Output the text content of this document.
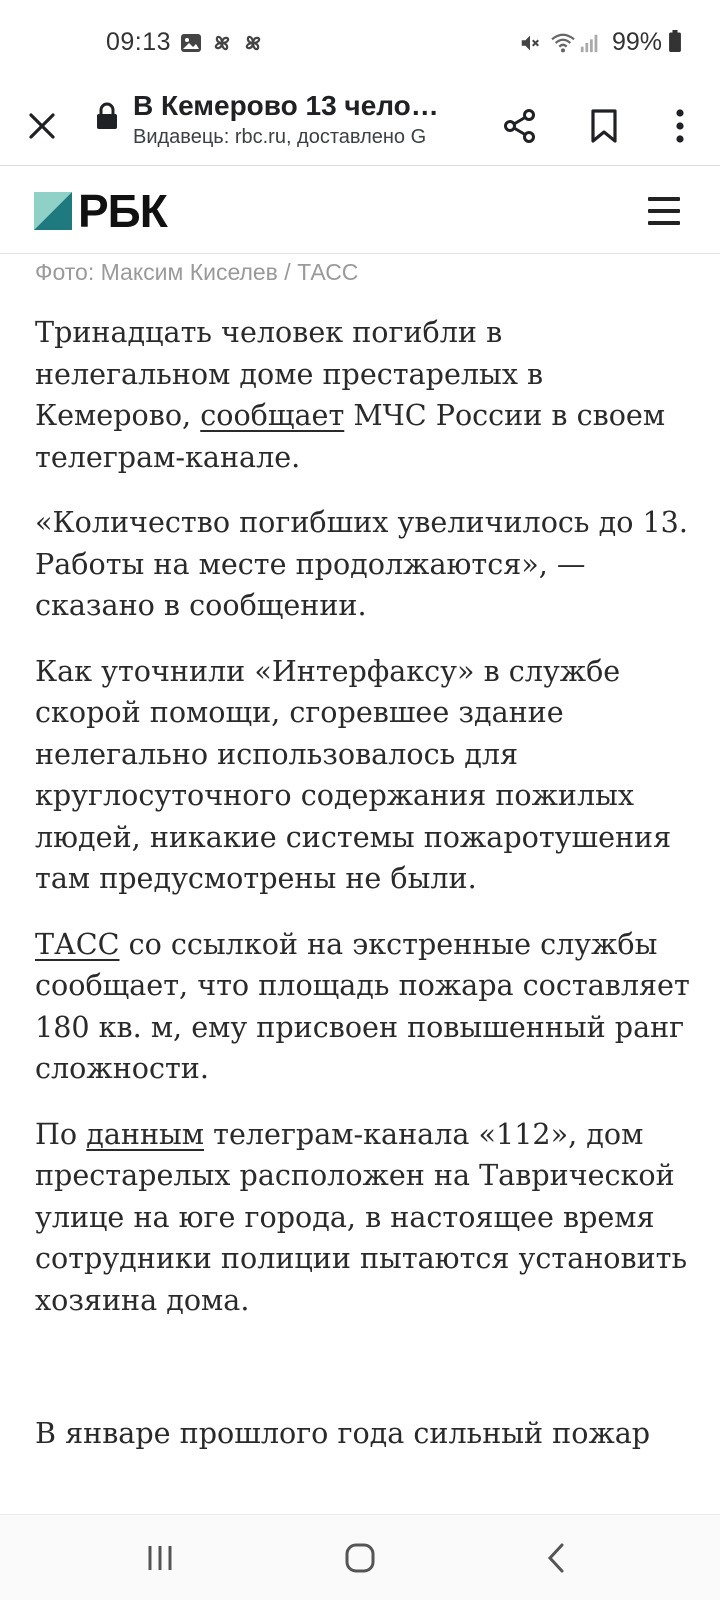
09:13	99%
В Кемерово 13 чело…
Видавець: rbc.ru, доставлено G
РБК
Фото: Максим Киселев / ТАСС

Тринадцать человек погибли в нелегальном доме престарелых в Кемерово, сообщает МЧС России в своем телеграм-канале.

«Количество погибших увеличилось до 13. Работы на месте продолжаются», — сказано в сообщении.

Как уточнили «Интерфаксу» в службе скорой помощи, сгоревшее здание нелегально использовалось для круглосуточного содержания пожилых людей, никакие системы пожаротушения там предусмотрены не были.

ТАСС со ссылкой на экстренные службы сообщает, что площадь пожара составляет 180 кв. м, ему присвоен повышенный ранг сложности.

По данным телеграм-канала «112», дом престарелых расположен на Таврической улице на юге города, в настоящее время сотрудники полиции пытаются установить хозяина дома.

В январе прошлого года сильный пожар
